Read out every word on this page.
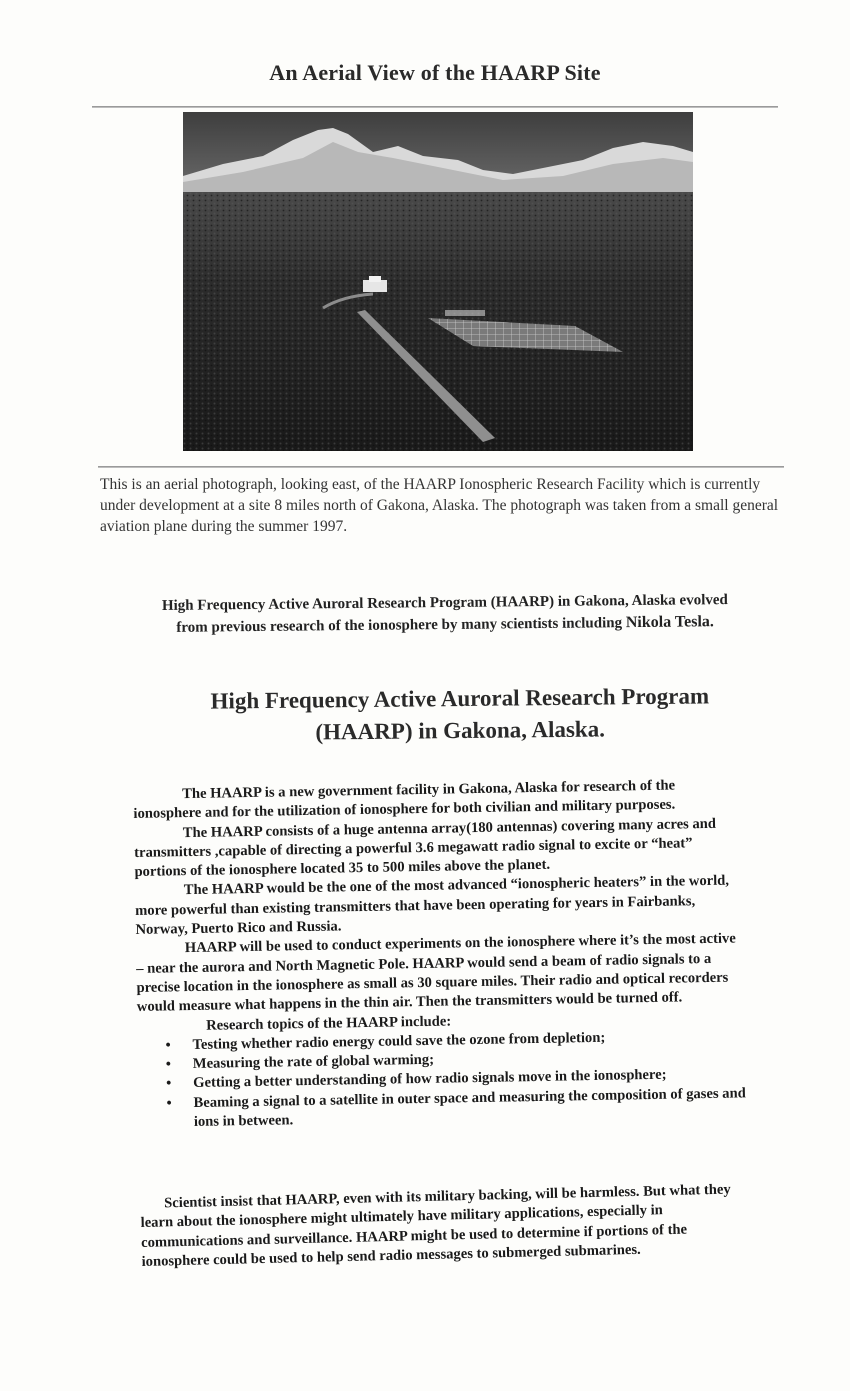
An Aerial View of the HAARP Site
This is an aerial photograph, looking east, of the HAARP Ionospheric Research Facility which is currently under development at a site 8 miles north of Gakona, Alaska. The photograph was taken from a small general aviation plane during the summer 1997.
High Frequency Active Auroral Research Program (HAARP) in Gakona, Alaska evolved from previous research of the ionosphere by many scientists including Nikola Tesla.
High Frequency Active Auroral Research Program
(HAARP) in Gakona, Alaska.

The HAARP is a new government facility in Gakona, Alaska for research of the ionosphere and for the utilization of ionosphere for both civilian and military purposes.

The HAARP consists of a huge antenna array(180 antennas) covering many acres and transmitters ,capable of directing a powerful 3.6 megawatt radio signal to excite or “heat” portions of the ionosphere located 35 to 500 miles above the planet.

The HAARP would be the one of the most advanced “ionospheric heaters” in the world, more powerful than existing transmitters that have been operating for years in Fairbanks, Norway, Puerto Rico and Russia.

HAARP will be used to conduct experiments on the ionosphere where it’s the most active – near the aurora and North Magnetic Pole. HAARP would send a beam of radio signals to a precise location in the ionosphere as small as 30 square miles. Their radio and optical recorders would measure what happens in the thin air. Then the transmitters would be turned off.

Research topics of the HAARP include:

• Testing whether radio energy could save the ozone from depletion;
• Measuring the rate of global warming;
• Getting a better understanding of how radio signals move in the ionosphere;
• Beaming a signal to a satellite in outer space and measuring the composition of gases and ions in between.

Scientist insist that HAARP, even with its military backing, will be harmless. But what they learn about the ionosphere might ultimately have military applications, especially in communications and surveillance. HAARP might be used to determine if portions of the ionosphere could be used to help send radio messages to submerged submarines.
